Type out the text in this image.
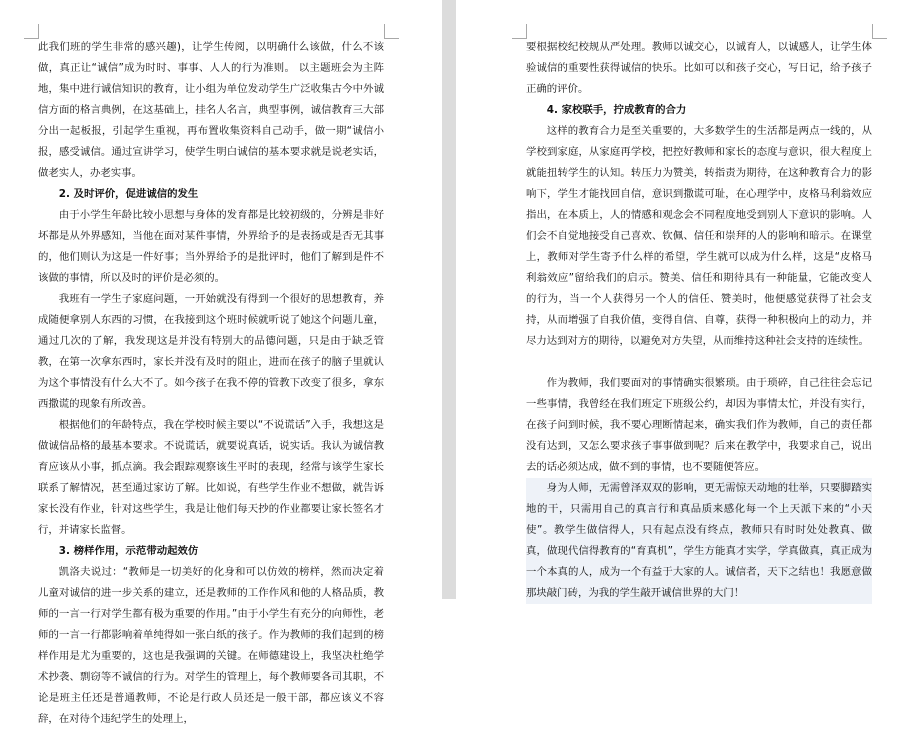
此我们班的学生非常的感兴趣)，让学生传阅，以明确什么该做，什么不该做，真正让“诚信”成为时时、事事、人人的行为准则。 以主题班会为主阵地，集中进行诚信知识的教育，让小组为单位发动学生广泛收集古今中外诚信方面的格言典例，在这基础上，挂名人名言，典型事例，诚信教育三大部分出一起板报，引起学生重视，再布置收集资料自己动手，做一期“诚信小报，感受诚信。通过宣讲学习，使学生明白诚信的基本要求就是说老实话，做老实人，办老实事。

2. 及时评价，促进诚信的发生

由于小学生年龄比较小思想与身体的发育都是比较初级的，分辨是非好坏都是从外界感知，当他在面对某件事情，外界给予的是表扬或是否无其事的，他们则认为这是一件好事；当外界给予的是批评时，他们了解到是件不该做的事情，所以及时的评价是必须的。

我班有一学生子家庭问题，一开始就没有得到一个很好的思想教育，养成随便拿别人东西的习惯，在我接到这个班时候就听说了她这个问题儿童，通过几次的了解，我发现这是并没有特别大的品德问题，只是由于缺乏管教，在第一次拿东西时，家长并没有及时的阻止，进而在孩子的脑子里就认为这个事情没有什么大不了。如今孩子在我不停的管教下改变了很多，拿东西撒谎的现象有所改善。

根据他们的年龄特点，我在学校时候主要以“不说谎话”入手，我想这是做诚信品格的最基本要求。不说谎话，就要说真话，说实话。我认为诚信教育应该从小事，抓点滴。我会跟踪观察该生平时的表现，经常与该学生家长联系了解情况，甚至通过家访了解。比如说，有些学生作业不想做，就告诉家长没有作业，针对这些学生，我是让他们每天抄的作业都要让家长签名才行，并请家长监督。

3. 榜样作用，示范带动起效仿

凯洛夫说过：“教师是一切美好的化身和可以仿效的榜样，然而决定着儿童对诚信的进一步关系的建立，还是教师的工作作风和他的人格品质，教师的一言一行对学生都有极为重要的作用。”由于小学生有充分的向师性，老师的一言一行都影响着单纯得如一张白纸的孩子。作为教师的我们起到的榜样作用是尤为重要的，这也是我强调的关键。在师德建设上，我坚决杜绝学术抄袭、剽窃等不诚信的行为。对学生的管理上，每个教师要各司其职，不论是班主任还是普通教师，不论是行政人员还是一般干部，都应该义不容辞，在对待个违纪学生的处理上，

要根据校纪校规从严处理。教师以诚交心，以诚育人，以诚感人，让学生体验诚信的重要性获得诚信的快乐。比如可以和孩子交心，写日记，给予孩子正确的评价。

4. 家校联手，拧成教育的合力

这样的教育合力是至关重要的，大多数学生的生活都是两点一线的，从学校到家庭，从家庭再学校，把控好教师和家长的态度与意识，很大程度上就能扭转学生的认知。转压力为赞美，转指责为期待，在这种教育合力的影响下，学生才能找回自信，意识到撒谎可耻，在心理学中，皮格马利翁效应指出，在本质上，人的情感和观念会不同程度地受到别人下意识的影响。人们会不自觉地接受自己喜欢、钦佩、信任和崇拜的人的影响和暗示。在课堂上，教师对学生寄予什么样的希望，学生就可以成为什么样，这是“皮格马利翁效应”留给我们的启示。赞美、信任和期待具有一种能量，它能改变人的行为，当一个人获得另一个人的信任、赞美时，他便感觉获得了社会支持，从而增强了自我价值，变得自信、自尊，获得一种积极向上的动力，并尽力达到对方的期待，以避免对方失望，从而维持这种社会支持的连续性。

作为教师，我们要面对的事情确实很繁琐。由于琐碎，自己往往会忘记一些事情，我曾经在我们班定下班级公约，却因为事情太忙，并没有实行，在孩子问到时候，我不要心理断情起来，确实我们作为教师，自己的责任都没有达到，又怎么要求孩子事事做到呢？后来在教学中，我要求自己，说出去的话必须达成，做不到的事情，也不要随便答应。

身为人师，无需曾泽双双的影响，更无需惊天动地的壮举，只要脚踏实地的干，只需用自己的真言行和真品质来感化每一个上天派下来的“小天使”。教学生做信得人，只有起点没有终点，教师只有时时处处教真、做真，做现代信得教育的“育真机”，学生方能真才实学，学真做真，真正成为一个本真的人，成为一个有益于大家的人。诚信者，天下之结也！我愿意做那块敲门砖，为我的学生敲开诚信世界的大门！
